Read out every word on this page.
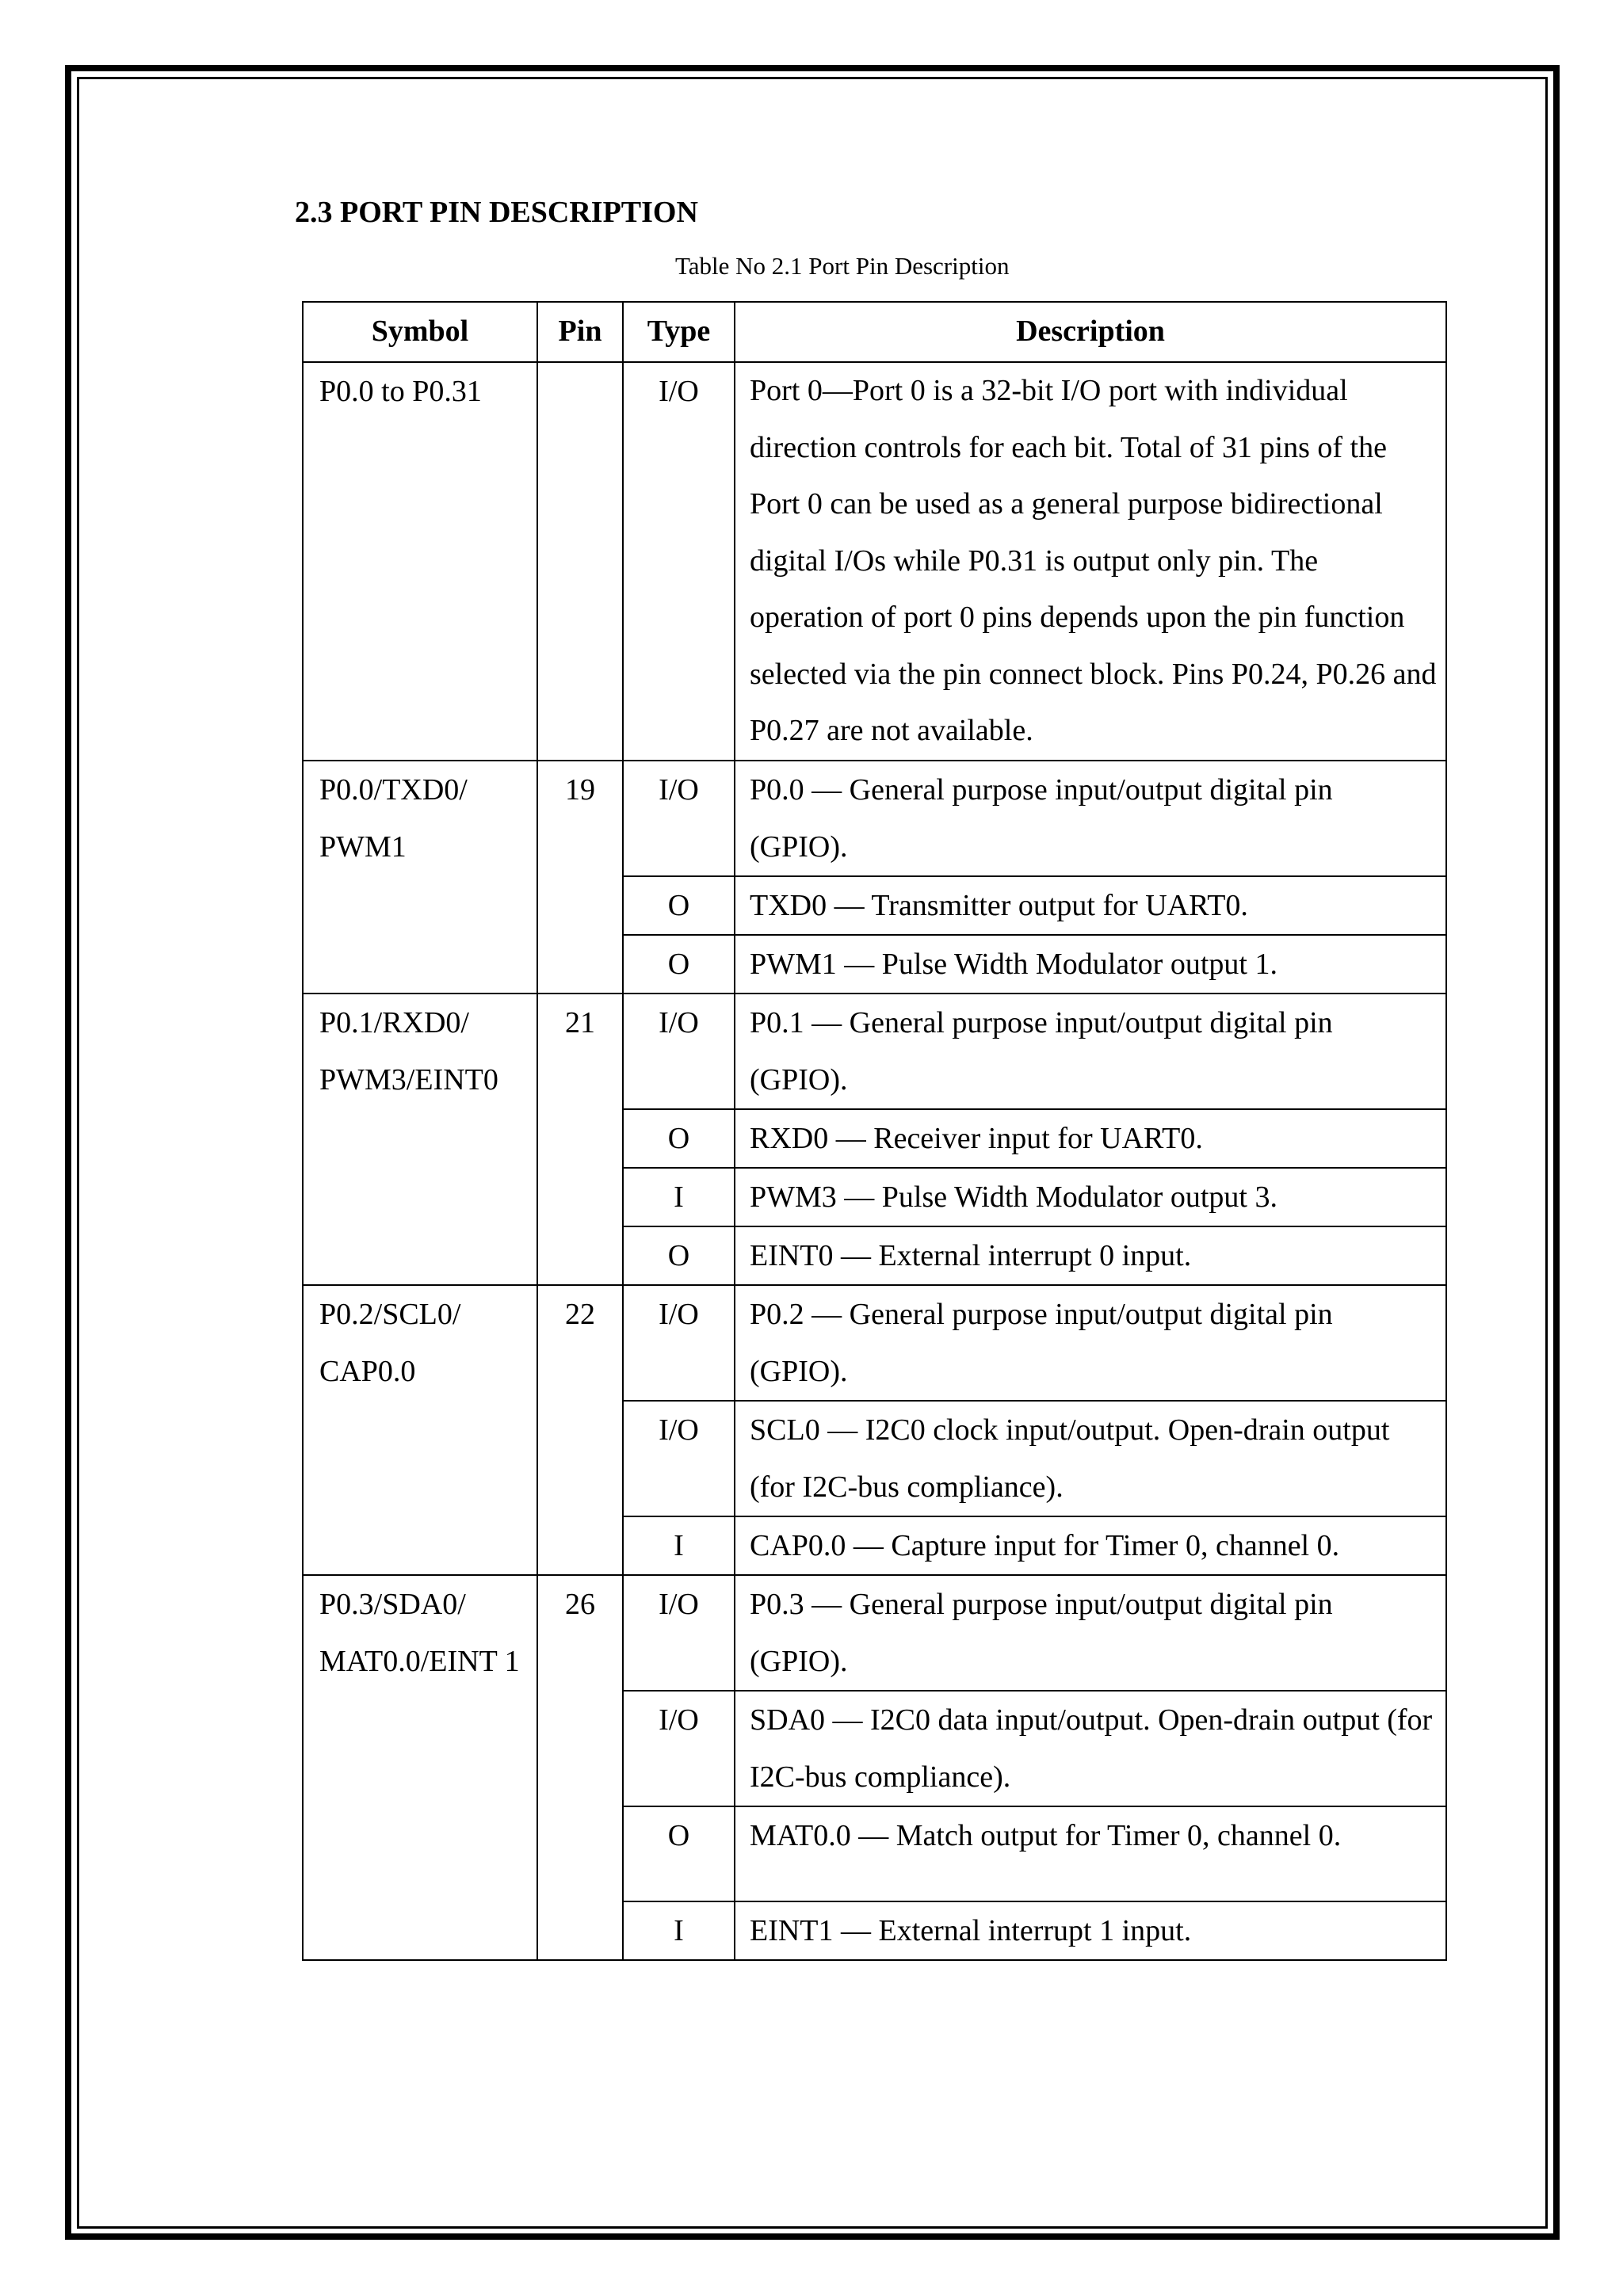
2.3 PORT PIN DESCRIPTION
Table No 2.1 Port Pin Description
Symbol	Pin	Type	Description
P0.0 to P0.31		I/O	Port 0—Port 0 is a 32-bit I/O port with individual direction controls for each bit. Total of 31 pins of the Port 0 can be used as a general purpose bidirectional digital I/Os while P0.31 is output only pin. The operation of port 0 pins depends upon the pin function selected via the pin connect block. Pins P0.24, P0.26 and P0.27 are not available.
P0.0/TXD0/ PWM1	19	I/O	P0.0 — General purpose input/output digital pin (GPIO).
		O	TXD0 — Transmitter output for UART0.
		O	PWM1 — Pulse Width Modulator output 1.
P0.1/RXD0/ PWM3/EINT0	21	I/O	P0.1 — General purpose input/output digital pin (GPIO).
		O	RXD0 — Receiver input for UART0.
		I	PWM3 — Pulse Width Modulator output 3.
		O	EINT0 — External interrupt 0 input.
P0.2/SCL0/ CAP0.0	22	I/O	P0.2 — General purpose input/output digital pin (GPIO).
		I/O	SCL0 — I2C0 clock input/output. Open-drain output (for I2C-bus compliance).
		I	CAP0.0 — Capture input for Timer 0, channel 0.
P0.3/SDA0/ MAT0.0/EINT 1	26	I/O	P0.3 — General purpose input/output digital pin (GPIO).
		I/O	SDA0 — I2C0 data input/output. Open-drain output (for I2C-bus compliance).
		O	MAT0.0 — Match output for Timer 0, channel 0.
		I	EINT1 — External interrupt 1 input.
